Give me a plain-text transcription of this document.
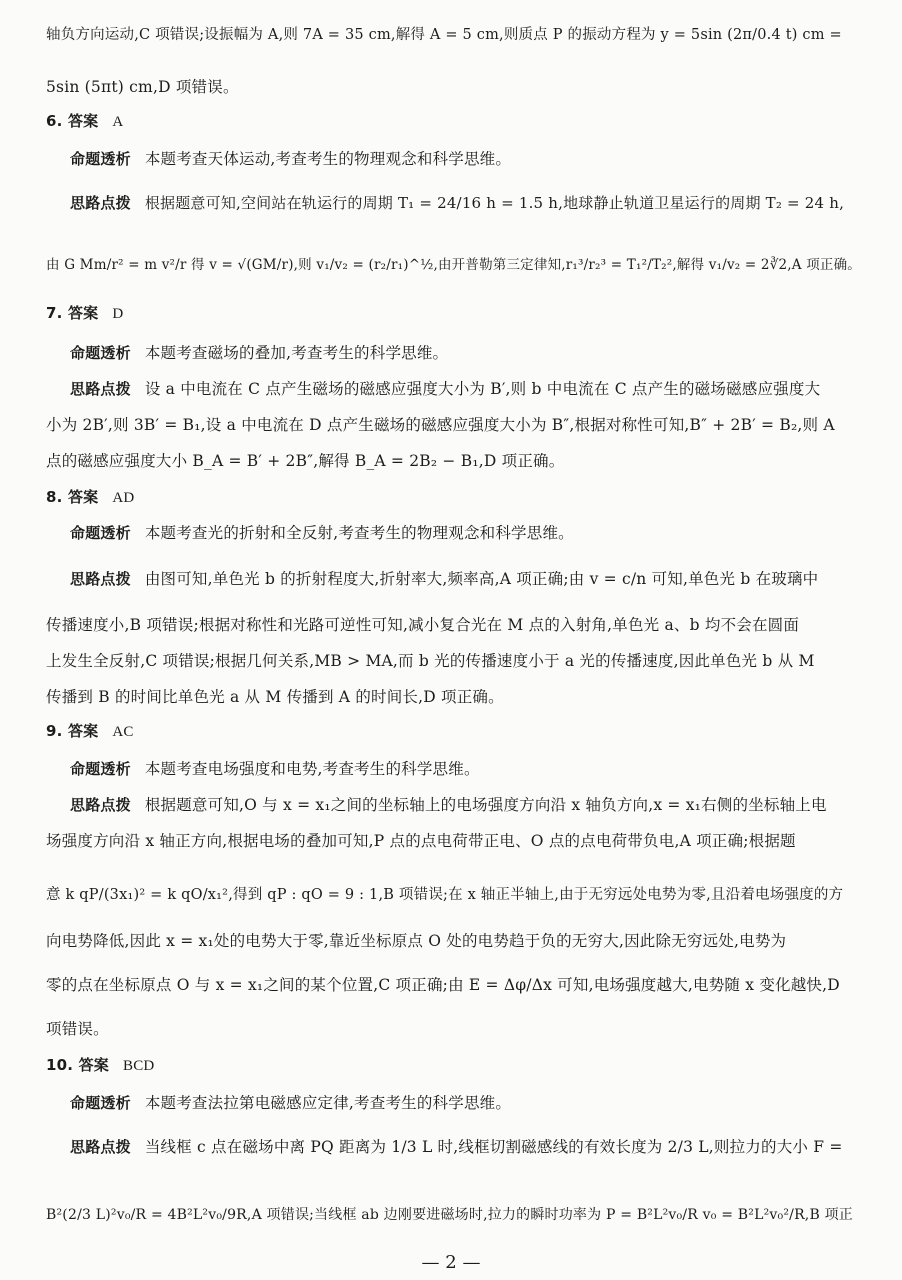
轴负方向运动,C 项错误;设振幅为 A,则 7A = 35 cm,解得 A = 5 cm,则质点 P 的振动方程为 y = 5sin (2π/0.4 t) cm =
5sin (5πt) cm,D 项错误。
6. 答案 A
命题透析 本题考查天体运动,考查考生的物理观念和科学思维。
思路点拨 根据题意可知,空间站在轨运行的周期 T₁ = 24/16 h = 1.5 h,地球静止轨道卫星运行的周期 T₂ = 24 h,
由 G Mm/r² = m v²/r 得 v = √(GM/r),则 v₁/v₂ = (r₂/r₁)^½,由开普勒第三定律知,r₁³/r₂³ = T₁²/T₂²,解得 v₁/v₂ = 2∛2,A 项正确。
7. 答案 D
命题透析 本题考查磁场的叠加,考查考生的科学思维。
思路点拨 设 a 中电流在 C 点产生磁场的磁感应强度大小为 B′,则 b 中电流在 C 点产生的磁场磁感应强度大
小为 2B′,则 3B′ = B₁,设 a 中电流在 D 点产生磁场的磁感应强度大小为 B″,根据对称性可知,B″ + 2B′ = B₂,则 A
点的磁感应强度大小 B_A = B′ + 2B″,解得 B_A = 2B₂ − B₁,D 项正确。
8. 答案 AD
命题透析 本题考查光的折射和全反射,考查考生的物理观念和科学思维。
思路点拨 由图可知,单色光 b 的折射程度大,折射率大,频率高,A 项正确;由 v = c/n 可知,单色光 b 在玻璃中
传播速度小,B 项错误;根据对称性和光路可逆性可知,减小复合光在 M 点的入射角,单色光 a、b 均不会在圆面
上发生全反射,C 项错误;根据几何关系,MB > MA,而 b 光的传播速度小于 a 光的传播速度,因此单色光 b 从 M
传播到 B 的时间比单色光 a 从 M 传播到 A 的时间长,D 项正确。
9. 答案 AC
命题透析 本题考查电场强度和电势,考查考生的科学思维。
思路点拨 根据题意可知,O 与 x = x₁之间的坐标轴上的电场强度方向沿 x 轴负方向,x = x₁右侧的坐标轴上电
场强度方向沿 x 轴正方向,根据电场的叠加可知,P 点的点电荷带正电、O 点的点电荷带负电,A 项正确;根据题
意 k qP/(3x₁)² = k qO/x₁²,得到 qP : qO = 9 : 1,B 项错误;在 x 轴正半轴上,由于无穷远处电势为零,且沿着电场强度的方
向电势降低,因此 x = x₁处的电势大于零,靠近坐标原点 O 处的电势趋于负的无穷大,因此除无穷远处,电势为
零的点在坐标原点 O 与 x = x₁之间的某个位置,C 项正确;由 E = Δφ/Δx 可知,电场强度越大,电势随 x 变化越快,D
项错误。
10. 答案 BCD
命题透析 本题考查法拉第电磁感应定律,考查考生的科学思维。
思路点拨 当线框 c 点在磁场中离 PQ 距离为 1/3 L 时,线框切割磁感线的有效长度为 2/3 L,则拉力的大小 F =
B²(2/3 L)²v₀/R = 4B²L²v₀/9R,A 项错误;当线框 ab 边刚要进磁场时,拉力的瞬时功率为 P = B²L²v₀/R v₀ = B²L²v₀²/R,B 项正
— 2 —
